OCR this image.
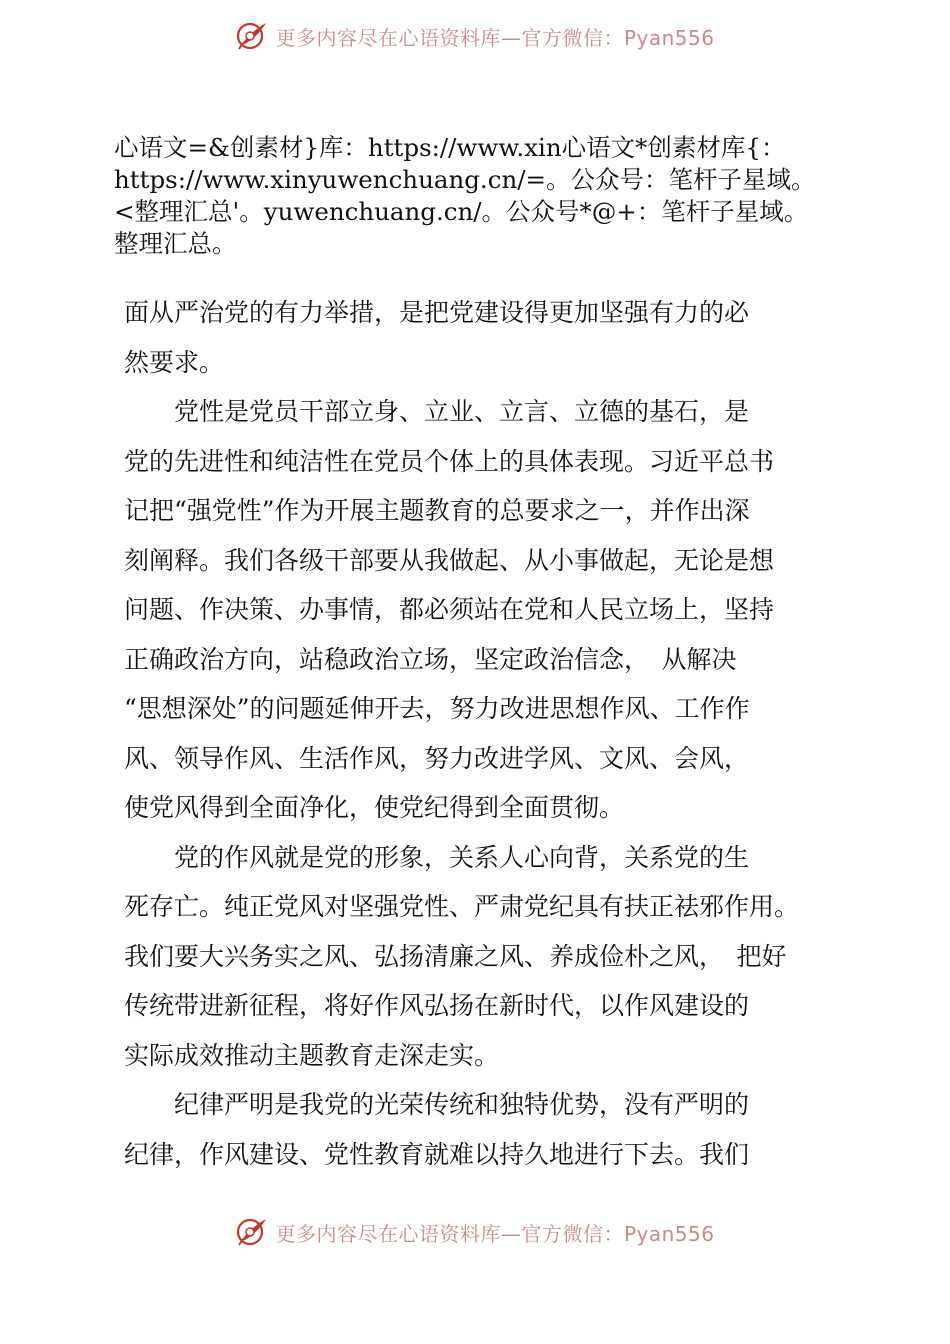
更多内容尽在心语资料库—官方微信：Pyan556
心语文=&创素材}库：https://www.xin心语文*创素材库{：
https://www.xinyuwenchuang.cn/=。公众号：笔杆子星域。
<整理汇总'。yuwenchuang.cn/。公众号*@+：笔杆子星域。
整理汇总。
面从严治党的有力举措，是把党建设得更加坚强有力的必
然要求。
　　党性是党员干部立身、立业、立言、立德的基石，是
党的先进性和纯洁性在党员个体上的具体表现。习近平总书
记把“强党性”作为开展主题教育的总要求之一，并作出深
刻阐释。我们各级干部要从我做起、从小事做起，无论是想
问题、作决策、办事情，都必须站在党和人民立场上，坚持
正确政治方向，站稳政治立场，坚定政治信念，　从解决
“思想深处”的问题延伸开去，努力改进思想作风、工作作
风、领导作风、生活作风，努力改进学风、文风、会风，
使党风得到全面净化，使党纪得到全面贯彻。
　　党的作风就是党的形象，关系人心向背，关系党的生
死存亡。纯正党风对坚强党性、严肃党纪具有扶正祛邪作用。
我们要大兴务实之风、弘扬清廉之风、养成俭朴之风，　把好
传统带进新征程，将好作风弘扬在新时代，以作风建设的
实际成效推动主题教育走深走实。
　　纪律严明是我党的光荣传统和独特优势，没有严明的
纪律，作风建设、党性教育就难以持久地进行下去。我们
更多内容尽在心语资料库—官方微信：Pyan556
